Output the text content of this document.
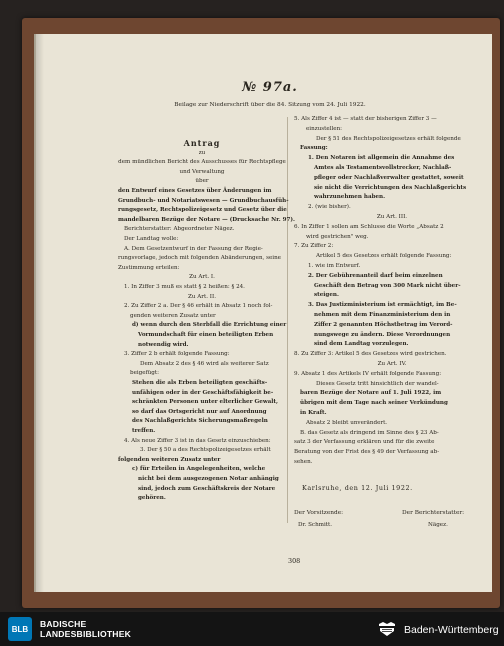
№ 97a.
Beilage zur Niederschrift über die 84. Sitzung vom 24. Juli 1922.
Antrag
zu
dem mündlichen Bericht des Ausschusses für Rechtspflege
und Verwaltung
über
den Entwurf eines Gesetzes über Änderungen im
Grundbuch- und Notariatswesen — Grundbuchausfüh-
rungsgesetz, Rechtspolizeigesetz und Gesetz über die
mandelbaren Bezüge der Notare — (Drucksache Nr. 97).
Berichterstatter: Abgeordneter Nägez.
Der Landtag wolle:
A. Dem Gesetzentwurf in der Fassung der Regie-
rungsvorlage, jedoch mit folgenden Abänderungen, seine
Zustimmung erteilen:
Zu Art. I.
1. In Ziffer 3 muß es statt § 2 heißen: § 24.
Zu Art. II.
2. Zu Ziffer 2 a. Der § 46 erhält in Absatz 1 noch fol-
genden weiteren Zusatz unter
d) wenn durch den Sterbfall die Errichtung einer
Vormundschaft für einen beteiligten Erben
notwendig wird.
3. Ziffer 2 b erhält folgende Fassung:
Dem Absatz 2 des § 46 wird als weiterer Satz
beigefügt:
Stehen die als Erben beteiligten geschäfts-
unfähigen oder in der Geschäftsfähigkeit be-
schränkten Personen unter elterlicher Gewalt,
so darf das Ortsgericht nur auf Anordnung
des Nachlaßgerichts Sicherungsmaßregeln
treffen.
4. Als neue Ziffer 3 ist in das Gesetz einzuschieben:
3. Der § 50 a des Rechtspolizeigesetzes erhält
folgenden weiteren Zusatz unter
c) für Erteilen in Angelegenheiten, welche
nicht bei dem ausgezogenen Notar anhängig
sind, jedoch zum Geschäftskreis der Notare
gehören.
5. Als Ziffer 4 ist — statt der bisherigen Ziffer 3 —
einzustellen:
Der § 51 des Rechtspolizeigesetzes erhält folgende
Fassung:
1. Den Notaren ist allgemein die Annahme des
Amtes als Testamentsvollstrecker, Nachlaß-
pfleger oder Nachlaßverwalter gestattet, soweit
sie nicht die Verrichtungen des Nachlaßgerichts
wahrzunehmen haben.
2. (wie bisher).
Zu Art. III.
6. In Ziffer 1 sollen am Schlusse die Worte „Absatz 2
wird gestrichen" weg.
7. Zu Ziffer 2:
Artikel 5 des Gesetzes erhält folgende Fassung:
1. wie im Entwurf.
2. Der Gebührenanteil darf beim einzelnen
Geschäft den Betrag von 300 Mark nicht über-
steigen.
3. Das Justizministerium ist ermächtigt, im Be-
nehmen mit dem Finanzministerium den in
Ziffer 2 genannten Höchstbetrag im Verord-
nungswege zu ändern. Diese Verordnungen
sind dem Landtag vorzulegen.
8. Zu Ziffer 3: Artikel 5 des Gesetzes wird gestrichen.
Zu Art. IV.
9. Absatz 1 des Artikels IV erhält folgende Fassung:
Dieses Gesetz tritt hinsichtlich der wandel-
baren Bezüge der Notare auf 1. Juli 1922, im
übrigen mit dem Tage nach seiner Verkündung
in Kraft.
Absatz 2 bleibt unverändert.
B. das Gesetz als dringend im Sinne des § 23 Ab-
satz 3 der Verfassung erklären und für die zweite
Beratung von der Frist des § 49 der Verfassung ab-
sehen.
Karlsruhe, den 12. Juli 1922.
Der Vorsitzende:
Dr. Schmitt.
Der Berichterstatter:
Nägez.
308
BLB	BADISCHE
LANDESBIBLIOTHEK	Baden-Württemberg
